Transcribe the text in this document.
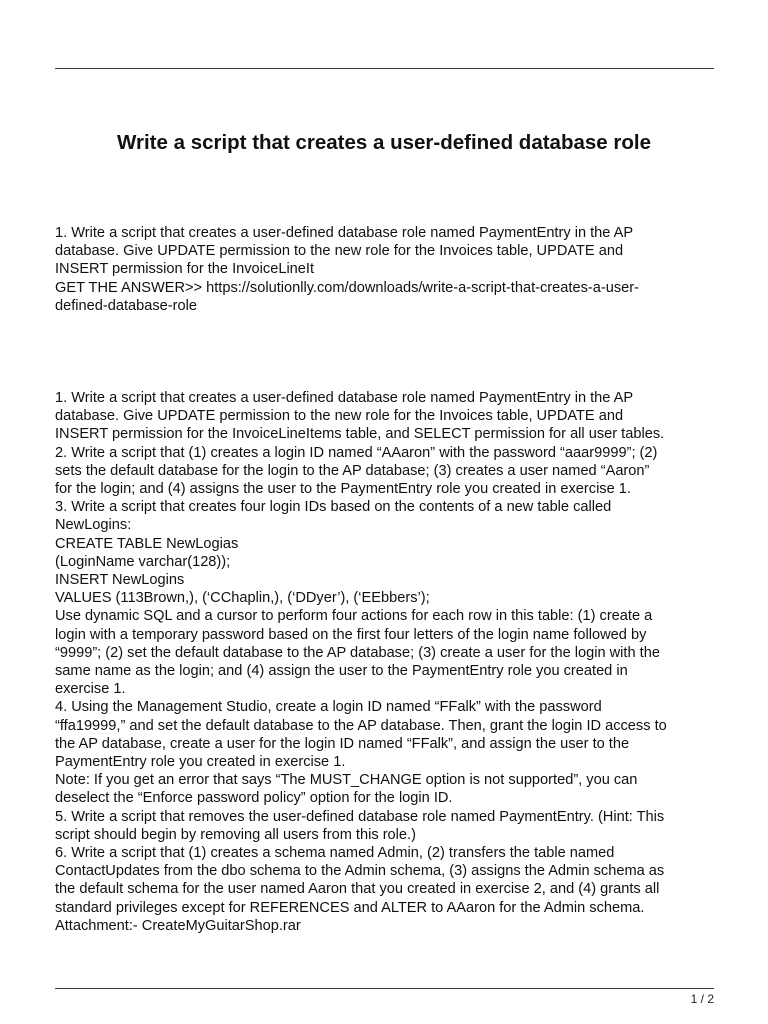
Write a script that creates a user-defined database role
1. Write a script that creates a user-defined database role named PaymentEntry in the AP
database. Give UPDATE permission to the new role for the Invoices table, UPDATE and
INSERT permission for the InvoiceLineIt
GET THE ANSWER>> https://solutionlly.com/downloads/write-a-script-that-creates-a-user-
defined-database-role
1. Write a script that creates a user-defined database role named PaymentEntry in the AP
database. Give UPDATE permission to the new role for the Invoices table, UPDATE and
INSERT permission for the InvoiceLineItems table, and SELECT permission for all user tables.
2. Write a script that (1) creates a login ID named “AAaron” with the password “aaar9999”; (2)
sets the default database for the login to the AP database; (3) creates a user named “Aaron”
for the login; and (4) assigns the user to the PaymentEntry role you created in exercise 1.
3. Write a script that creates four login IDs based on the contents of a new table called
NewLogins:
CREATE TABLE NewLogias
(LoginName varchar(128));
INSERT NewLogins
VALUES (113Brown,), (‘CChaplin,), (‘DDyer’), (‘EEbbers’);
Use dynamic SQL and a cursor to perform four actions for each row in this table: (1) create a
login with a temporary password based on the first four letters of the login name followed by
“9999”; (2) set the default database to the AP database; (3) create a user for the login with the
same name as the login; and (4) assign the user to the PaymentEntry role you created in
exercise 1.
4. Using the Management Studio, create a login ID named “FFalk” with the password
“ffa19999,” and set the default database to the AP database. Then, grant the login ID access to
the AP database, create a user for the login ID named “FFalk”, and assign the user to the
PaymentEntry role you created in exercise 1.
Note: If you get an error that says “The MUST_CHANGE option is not supported”, you can
deselect the “Enforce password policy” option for the login ID.
5. Write a script that removes the user-defined database role named PaymentEntry. (Hint: This
script should begin by removing all users from this role.)
6. Write a script that (1) creates a schema named Admin, (2) transfers the table named
ContactUpdates from the dbo schema to the Admin schema, (3) assigns the Admin schema as
the default schema for the user named Aaron that you created in exercise 2, and (4) grants all
standard privileges except for REFERENCES and ALTER to AAaron for the Admin schema.
Attachment:- CreateMyGuitarShop.rar
1 / 2
